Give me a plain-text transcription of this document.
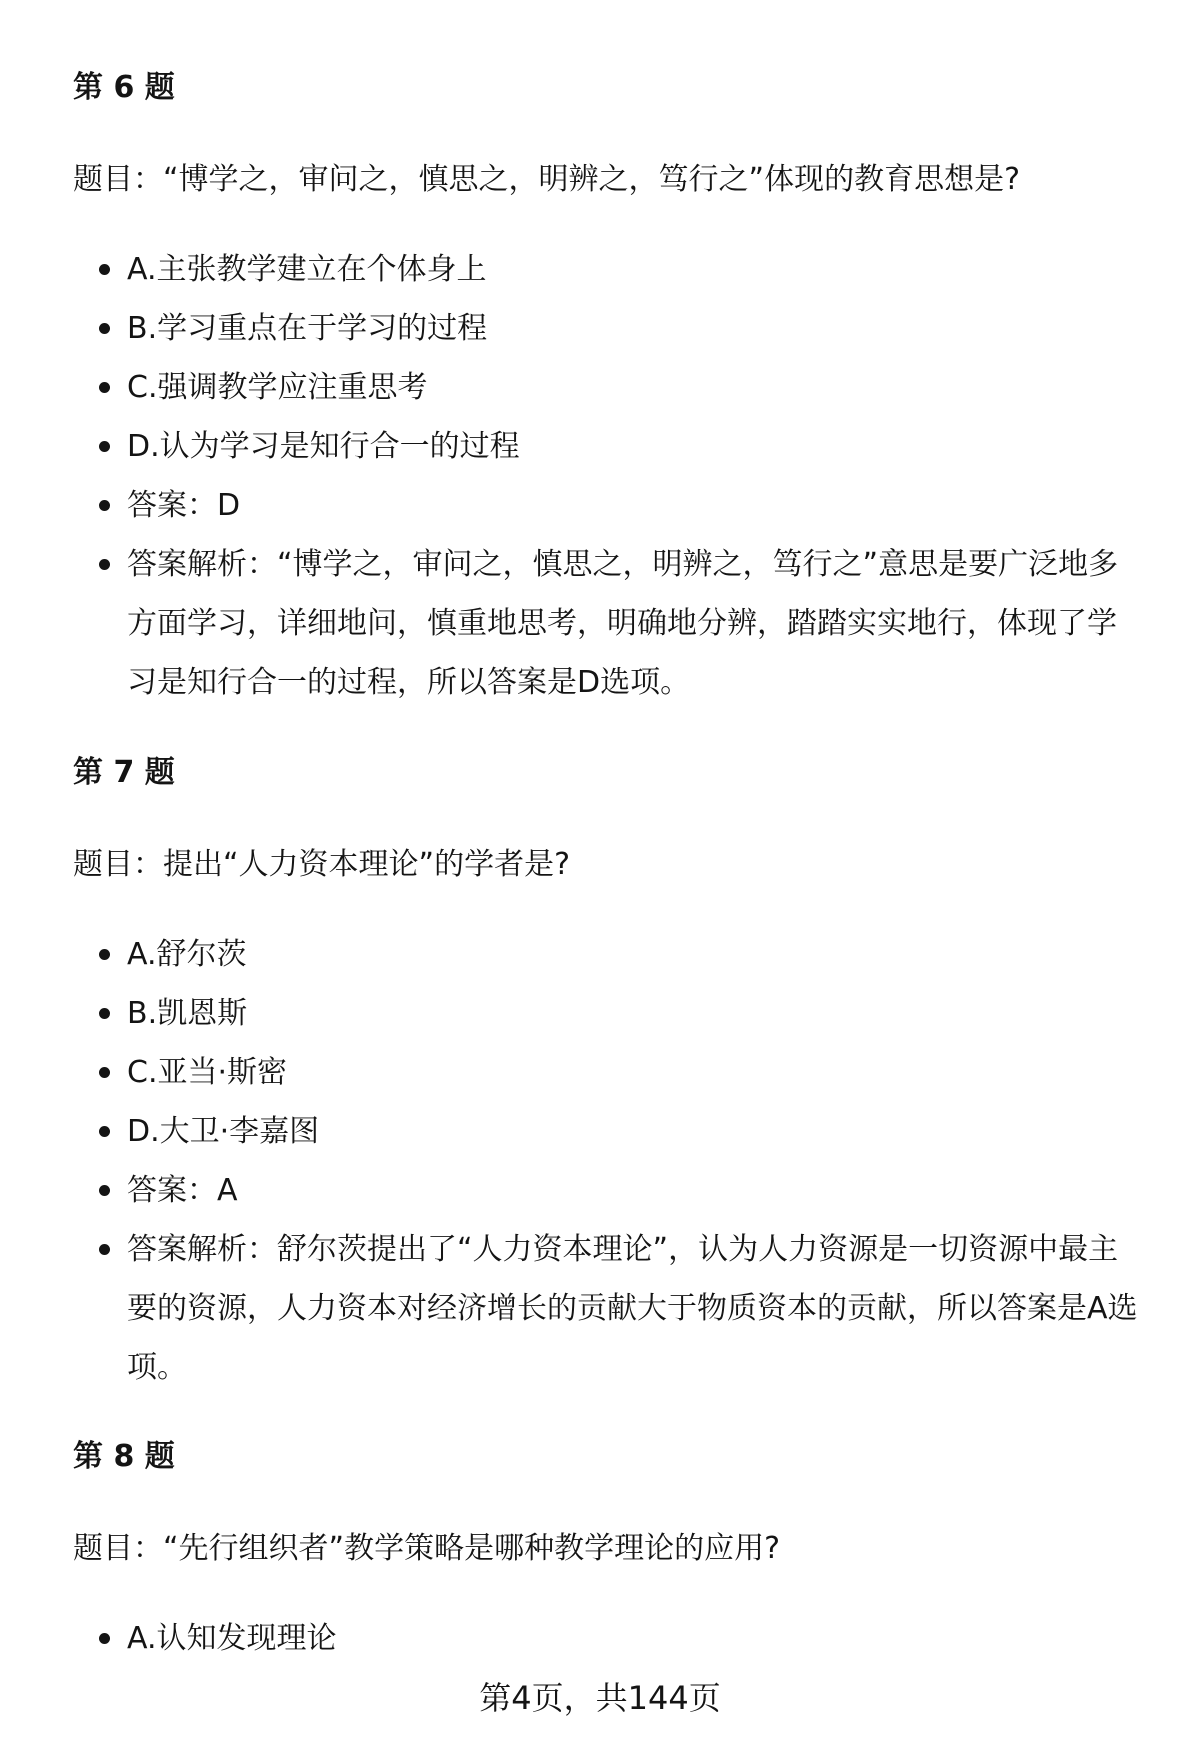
第 6 题

题目：“博学之，审问之，慎思之，明辨之，笃行之”体现的教育思想是?

A.主张教学建立在个体身上
B.学习重点在于学习的过程
C.强调教学应注重思考
D.认为学习是知行合一的过程
答案：D
答案解析：“博学之，审问之，慎思之，明辨之，笃行之”意思是要广泛地多方面学习，详细地问，慎重地思考，明确地分辨，踏踏实实地行，体现了学习是知行合一的过程，所以答案是D选项。
第 7 题

题目：提出“人力资本理论”的学者是?

A.舒尔茨
B.凯恩斯
C.亚当·斯密
D.大卫·李嘉图
答案：A
答案解析：舒尔茨提出了“人力资本理论”，认为人力资源是一切资源中最主要的资源，人力资本对经济增长的贡献大于物质资本的贡献，所以答案是A选项。
第 8 题

题目：“先行组织者”教学策略是哪种教学理论的应用?

A.认知发现理论
第4页，共144页
